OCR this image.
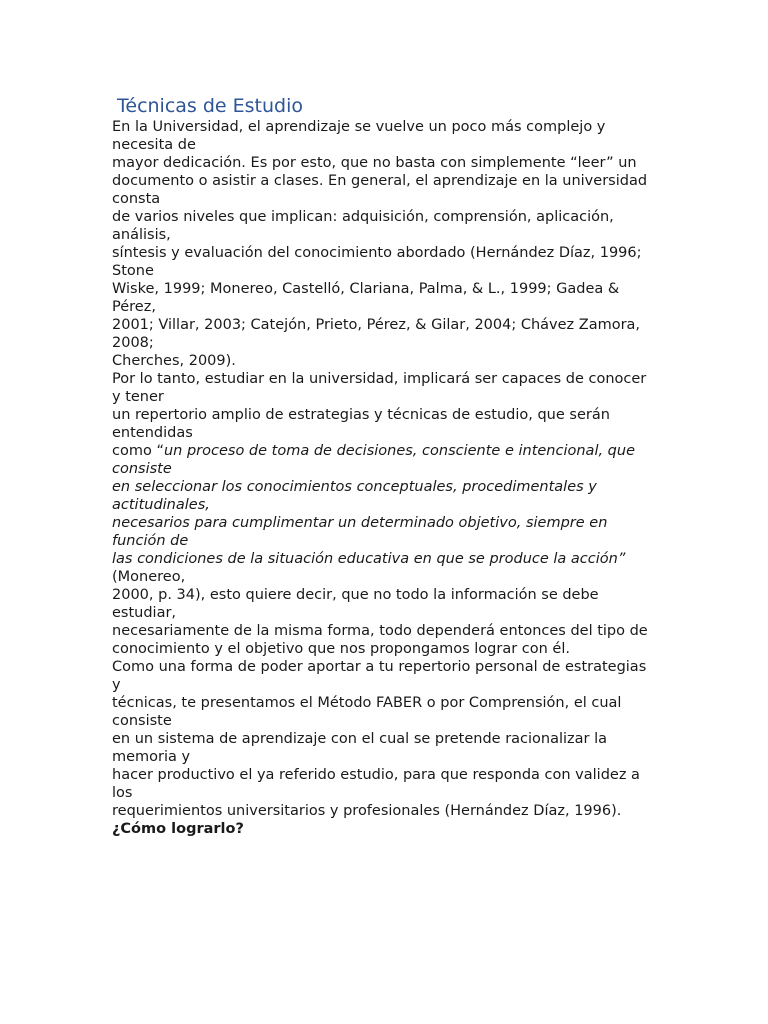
Técnicas de Estudio
En la Universidad, el aprendizaje se vuelve un poco más complejo y necesita de
mayor dedicación. Es por esto, que no basta con simplemente “leer” un
documento o asistir a clases. En general, el aprendizaje en la universidad consta
de varios niveles que implican: adquisición, comprensión, aplicación, análisis,
síntesis y evaluación del conocimiento abordado (Hernández Díaz, 1996; Stone
Wiske, 1999; Monereo, Castelló, Clariana, Palma, & L., 1999; Gadea & Pérez,
2001; Villar, 2003; Catejón, Prieto, Pérez, & Gilar, 2004; Chávez Zamora, 2008;
Cherches, 2009).
Por lo tanto, estudiar en la universidad, implicará ser capaces de conocer y tener
un repertorio amplio de estrategias y técnicas de estudio, que serán entendidas
como “un proceso de toma de decisiones, consciente e intencional, que consiste
en seleccionar los conocimientos conceptuales, procedimentales y actitudinales,
necesarios para cumplimentar un determinado objetivo, siempre en función de
las condiciones de la situación educativa en que se produce la acción” (Monereo,
2000, p. 34), esto quiere decir, que no todo la información se debe estudiar,
necesariamente de la misma forma, todo dependerá entonces del tipo de
conocimiento y el objetivo que nos propongamos lograr con él.
Como una forma de poder aportar a tu repertorio personal de estrategias y
técnicas, te presentamos el Método FABER o por Comprensión, el cual consiste
en un sistema de aprendizaje con el cual se pretende racionalizar la memoria y
hacer productivo el ya referido estudio, para que responda con validez a los
requerimientos universitarios y profesionales (Hernández Díaz, 1996).
¿Cómo lograrlo?
